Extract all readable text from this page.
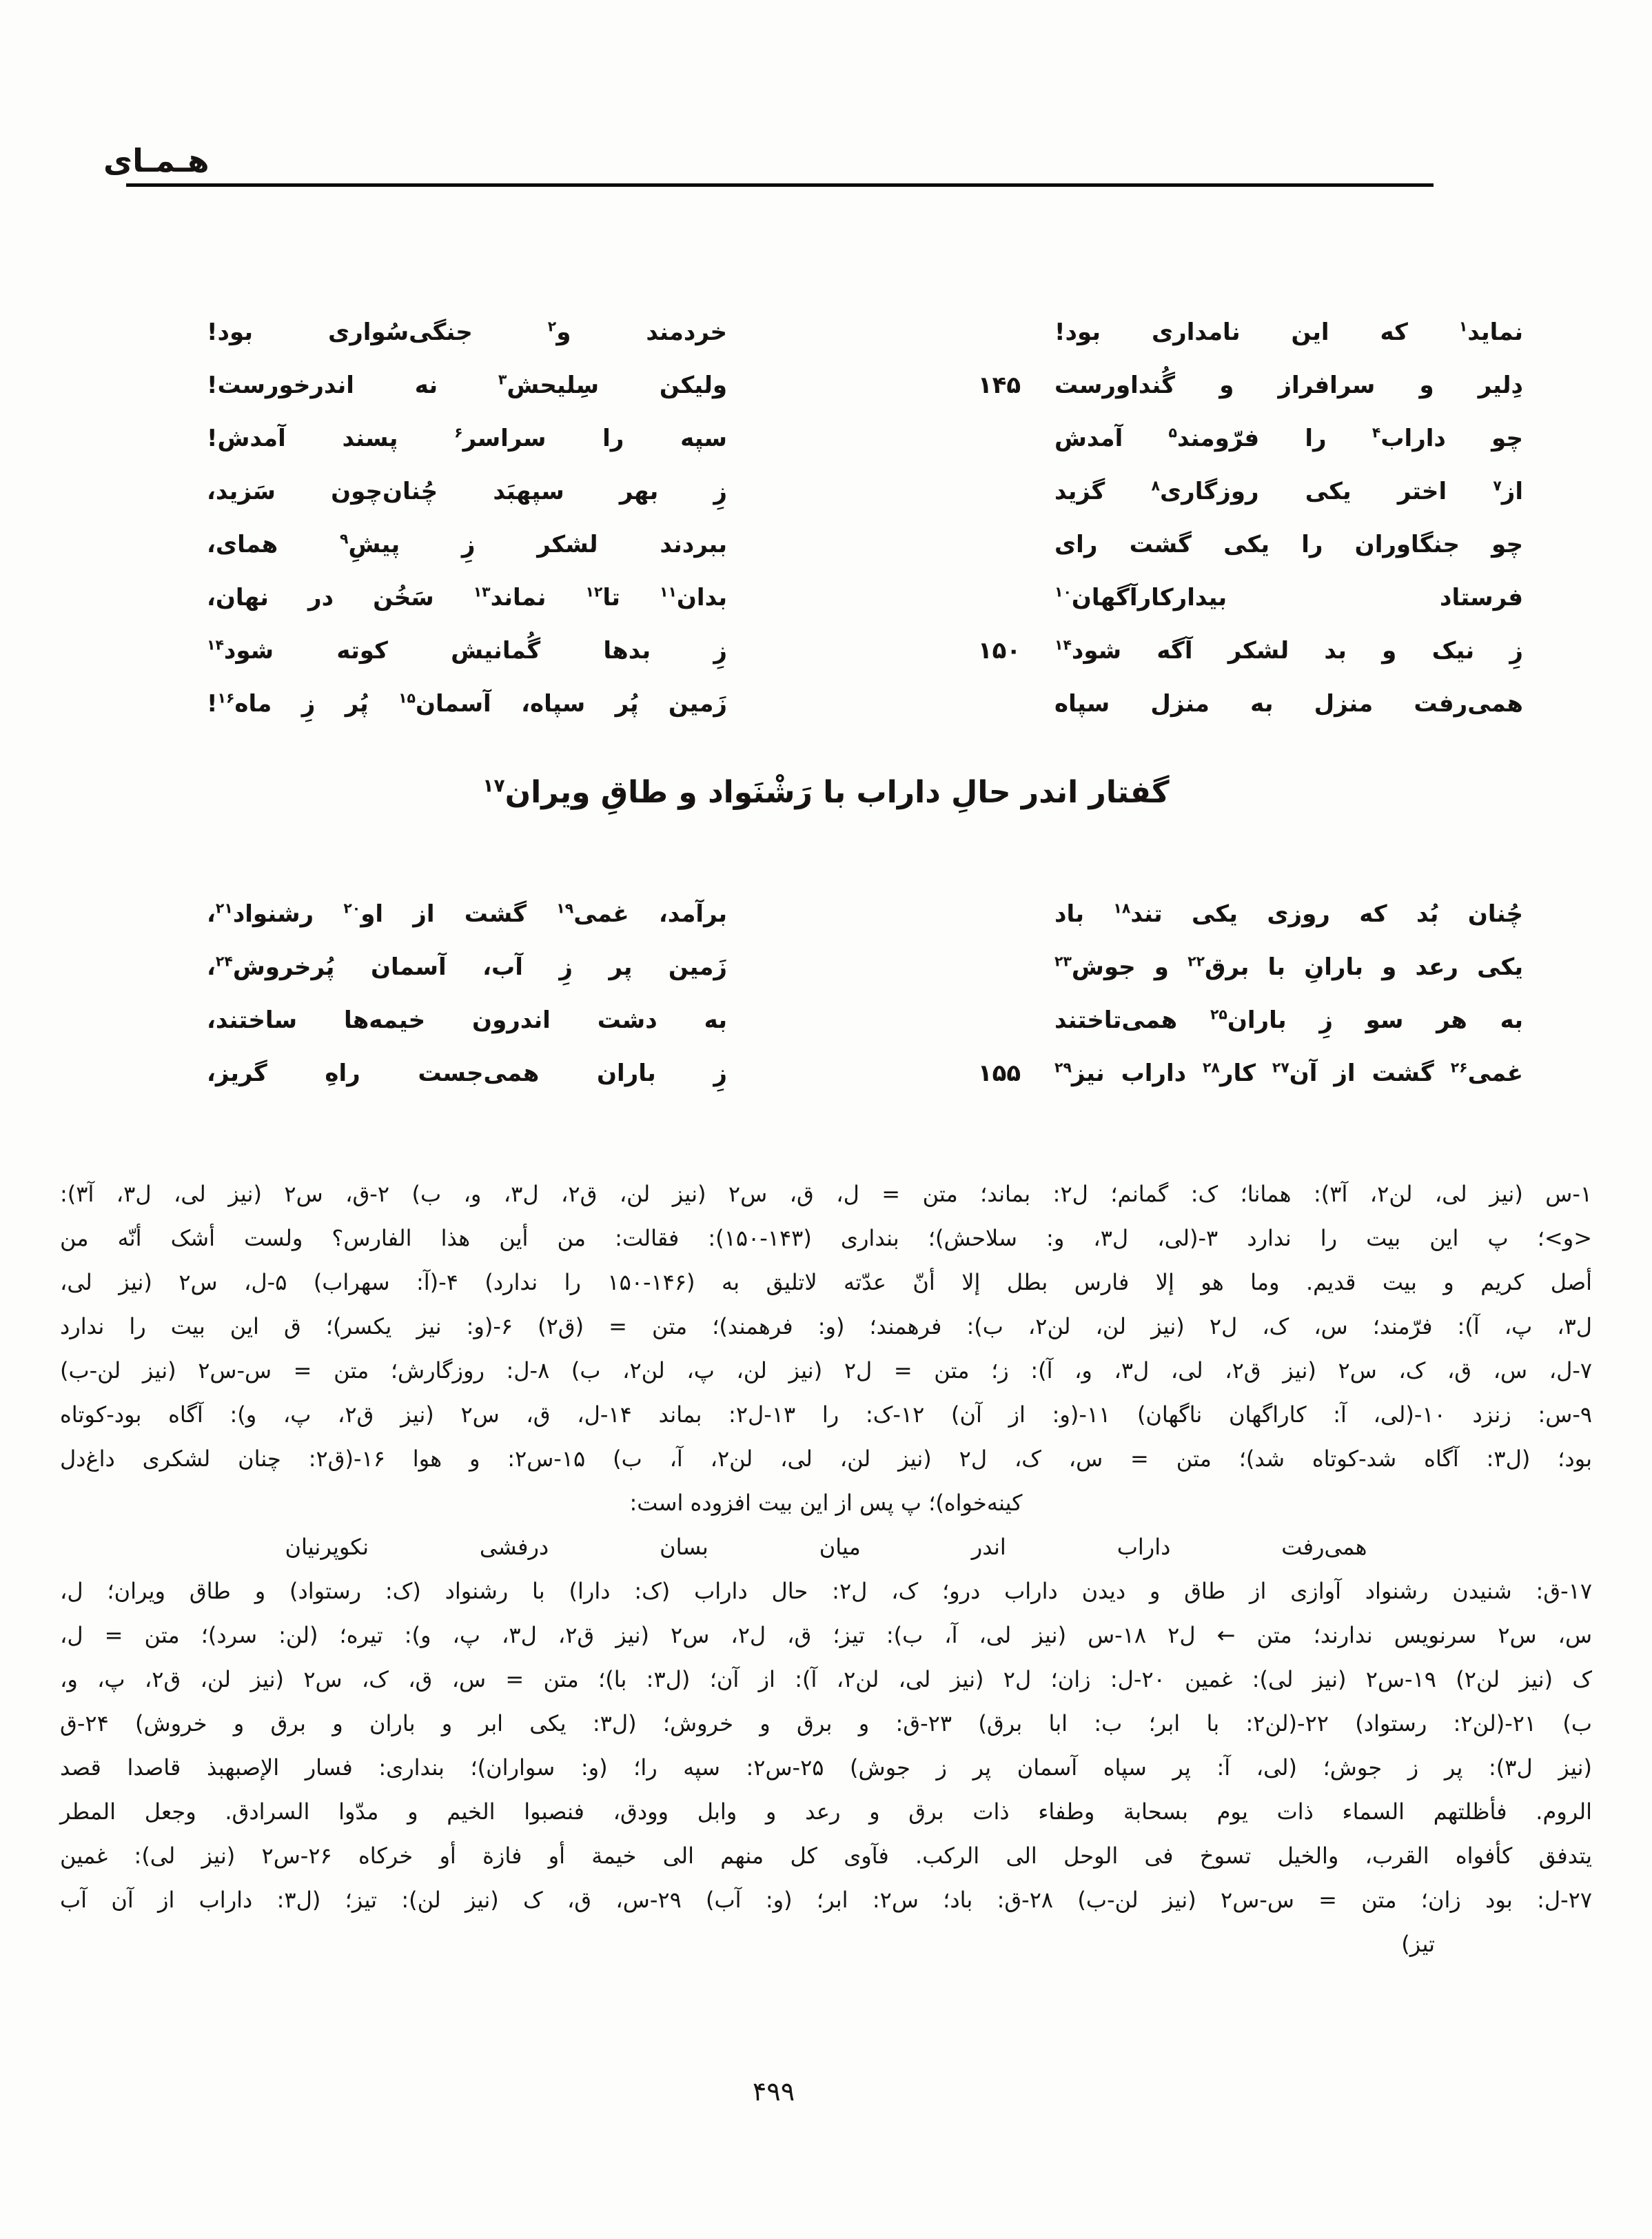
هـمـای
نماید$^۱$ که این نامداری بود!
خردمند و$^۲$ جنگی‌سُواری بود!
دِلیر و سرافراز و گُنداورست
۱۴۵
ولیکن سِلیحش$^۳$ نه اندرخورست!
چو داراب$^۴$ را فرّومند$^۵$ آمدش
سپه را سراسر$^۶$ پسند آمدش!
از$^۷$ اختر یکی روزگاری$^۸$ گزید
زِ بهر سپهبَد چُنان‌چون سَزید،
چو جنگاوران را یکی گشت رای
ببردند لشکر زِ پیشِ$^۹$ همای،
فرستاد بیدارکارآگهان$^{۱۰}$
بدان$^{۱۱}$ تا$^{۱۲}$ نماند$^{۱۳}$ سَخُن در نهان،
زِ نیک و بد لشکر آگه شود$^{۱۴}$
۱۵۰
زِ بدها گُمانیش کوته شود$^{۱۴}$
همی‌رفت منزل به منزل سپاه
زَمین پُر سپاه، آسمان$^{۱۵}$ پُر زِ ماه$^{۱۶}$!
گفتار اندر حالِ داراب با رَشْنَواد و طاقِ ویران$^{۱۷}$
چُنان بُد که روزی یکی تند$^{۱۸}$ باد
برآمد، غمی$^{۱۹}$ گشت از او$^{۲۰}$ رشنواد$^{۲۱}$،
یکی رعد و بارانِ با برق$^{۲۲}$ و جوش$^{۲۳}$
زَمین پر زِ آب، آسمان پُرخروش$^{۲۴}$،
به هر سو زِ باران$^{۲۵}$ همی‌تاختند
به دشت اندرون خیمه‌ها ساختند،
غمی$^{۲۶}$ گشت از آن$^{۲۷}$ کار$^{۲۸}$ داراب نیز$^{۲۹}$
۱۵۵
زِ باران همی‌جست راهِ گریز،
۱-س (نیز لی، لن۲، آ۳): همانا؛ ک: گمانم؛ ل۲: بماند؛ متن = ل، ق، س۲ (نیز لن، ق۲، ل۳، و، ب) ۲-ق، س۲ (نیز لی، ل۳، آ۳):
<و>؛ پ این بیت را ندارد ۳-(لی، ل۳، و: سلاحش)؛ بنداری (۱۴۳-۱۵۰): فقالت: من أین هذا الفارس؟ ولست أشک أنّه من
أصل کریم و بیت قدیم. وما هو إلا فارس بطل إلا أنّ عدّته لاتلیق به (۱۴۶-۱۵۰ را ندارد) ۴-(آ: سهراب) ۵-ل، س۲ (نیز لی،
ل۳، پ، آ): فرّمند؛ س، ک، ل۲ (نیز لن، لن۲، ب): فرهمند؛ (و: فرهمند)؛ متن = (ق۲) ۶-(و: نیز یکسر)؛ ق این بیت را ندارد
۷-ل، س، ق، ک، س۲ (نیز ق۲، لی، ل۳، و، آ): ز؛ متن = ل۲ (نیز لن، پ، لن۲، ب) ۸-ل: روزگارش؛ متن = س-س۲ (نیز لن-ب)
۹-س: زنزد ۱۰-(لی، آ: کاراگهان ناگهان) ۱۱-(و: از آن) ۱۲-ک: را ۱۳-ل۲: بماند ۱۴-ل، ق، س۲ (نیز ق۲، پ، و): آگاه بود-کوتاه
بود؛ (ل۳: آگاه شد-کوتاه شد)؛ متن = س، ک، ل۲ (نیز لن، لی، لن۲، آ، ب) ۱۵-س۲: و هوا ۱۶-(ق۲: چنان لشکری داغ‌دل
کینه‌خواه)؛ پ پس از این بیت افزوده است:
همی‌رفت داراب اندر میان بسان درفشی نکوپرنیان
۱۷-ق: شنیدن رشنواد آوازی از طاق و دیدن داراب درو؛ ک، ل۲: حال داراب (ک: دارا) با رشنواد (ک: رستواد) و طاق ویران؛ ل،
س، س۲ سرنویس ندارند؛ متن ← ل۲ ۱۸-س (نیز لی، آ، ب): تیز؛ ق، ل۲، س۲ (نیز ق۲، ل۳، پ، و): تیره؛ (لن: سرد)؛ متن = ل،
ک (نیز لن۲) ۱۹-س۲ (نیز لی): غمین ۲۰-ل: زان؛ ل۲ (نیز لی، لن۲، آ): از آن؛ (ل۳: با)؛ متن = س، ق، ک، س۲ (نیز لن، ق۲، پ، و،
ب) ۲۱-(لن۲: رستواد) ۲۲-(لن۲: با ابر؛ ب: ابا برق) ۲۳-ق: و برق و خروش؛ (ل۳: یکی ابر و باران و برق و خروش) ۲۴-ق
(نیز ل۳): پر ز جوش؛ (لی، آ: پر سپاه آسمان پر ز جوش) ۲۵-س۲: سپه را؛ (و: سواران)؛ بنداری: فسار الإصبهبذ قاصدا قصد
الروم. فأظلتهم السماء ذات یوم بسحابة وطفاء ذات برق و رعد و وابل وودق، فنصبوا الخیم و مدّوا السرادق. وجعل المطر
یتدفق کأفواه القرب، والخیل تسوخ فی الوحل الی الرکب. فآوی کل منهم الی خیمة أو فازة أو خرکاه ۲۶-س۲ (نیز لی): غمین
۲۷-ل: بود زان؛ متن = س-س۲ (نیز لن-ب) ۲۸-ق: باد؛ س۲: ابر؛ (و: آب) ۲۹-س، ق، ک (نیز لن): تیز؛ (ل۳: داراب از آن آب
تیز)
۴۹۹
